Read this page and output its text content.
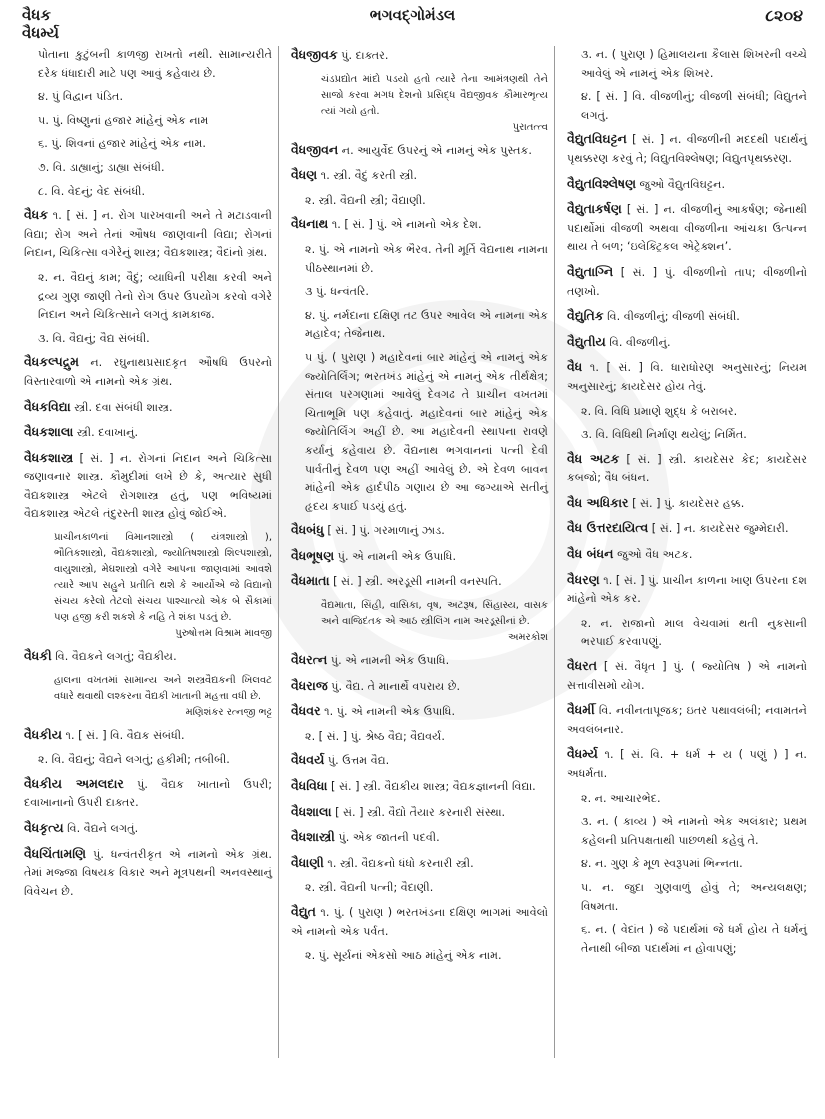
વૈધક
વૈધર્મ્ય
ભગવદ્ગોમંડલ	૮૨૦૪
પોતાના કુટુંબની કાળજી રાખતો નથી. સામાન્યરીતે દરેક ધંધાદારી માટે પણ આવું કહેવાય છે.
૪. પું વિદ્વાન પંડિત.
૫. પું. વિષ્ણુનાં હજાર માંહેનું એક નામ
૬. પું. શિવનાં હજાર માંહેનું એક નામ.
૭. વિ. ડાહ્યાનું; ડાહ્યા સંબંધી.
૮. વિ. વેદનું; વેદ સંબંધી.
વૈધક ૧. [ સં. ] ન. રોગ પારખવાની અને તે મટાડવાની વિદ્યા; રોગ અને તેનાં ઔષધ જાણવાની વિદ્યા; રોગનાં નિદાન, ચિકિત્સા વગેરેનું શાસ્ત્ર; વૈદ્યકશાસ્ત્ર; વૈદાંનો ગ્રંથ.
૨. ન. વૈદ્યનું કામ; વૈદું; વ્યાધિની પરીક્ષા કરવી અને દ્રવ્ય ગુણ જાણી તેનો રોગ ઉપર ઉપયોગ કરવો વગેરે નિદાન અને ચિકિત્સાને લગતું કામકાજ.
૩. વિ. વૈદ્યનું; વૈદ્ય સંબંધી.
વૈધકલ્પદ્રુમ ન. રઘુનાથપ્રસાદકૃત ઔષધિ ઉપરનો વિસ્તારવાળો એ નામનો એક ગ્રંથ.
વૈધકવિદ્યા સ્ત્રી. દવા સંબંધી શાસ્ત્ર.
વૈધકશાલા સ્ત્રી. દવાખાનું.
વૈધકશાસ્ત્ર [ સં. ] ન. રોગનાં નિદાન અને ચિકિત્સા જણાવનાર શાસ્ત્ર. કૌમુદીમાં લખે છે કે, અત્યાર સુધી વૈદ્યકશાસ્ત્ર એટલે રોગશાસ્ત્ર હતું, પણ ભવિષ્યમાં વૈદ્યકશાસ્ત્ર એટલે તંદુરસ્તી શાસ્ત્ર હોવું જોઈએ.
પ્રાચીનકાળનાં વિમાનશાસ્ત્રો ( યંત્રશાસ્ત્રો ), ભૌતિકશાસ્ત્રો, વૈદ્યકશાસ્ત્રો, જ્યોતિષશાસ્ત્રો શિલ્પશાસ્ત્રો, વાયુશાસ્ત્રો, મેઘશાસ્ત્રો વગેરે આપના જાણવામાં આવશે ત્યારે આપ સહુને પ્રતીતિ થશે કે આર્યોએ જે વિદ્યાનો સંચય કરેલો તેટલો સંચય પાશ્ચાત્યો એક બે સૈકામાં પણ હજી કરી શકશે કે નહિ તે શંકા પડતું છે.
પુરુષોત્તમ વિશ્રામ માવજી
વૈધકી વિ. વૈદ્યકને લગતું; વૈદ્યકીય.
હાલના વખતમાં સામાન્ય અને શસ્ત્રવૈદ્યકની ખિલવટ વધારે થવાથી લશ્કરના વૈદ્યકી ખાતાની મહત્તા વધી છે.
મણિશંકર રત્નજી ભટ્ટ
વૈધકીય ૧. [ સં. ] વિ. વૈદ્યક સંબંધી.
૨. વિ. વૈદ્યનું; વૈદ્યને લગતું; હકીમી; તબીબી.
વૈધકીય અમલદાર પું. વૈદ્યક ખાતાનો ઉપરી; દવાખાનાનો ઉપરી દાક્તર.
વૈધકૃત્ય વિ. વૈદ્યને લગતું.
વૈધચિંતામણિ પું. ધન્વંતરીકૃત એ નામનો એક ગ્રંથ. તેમાં મજ્જા વિષયક વિકાર અને મૂત્રપથની અનવસ્થાનું વિવેચન છે.
વૈધજીવક પું. દાક્તર.
ચંડપ્રદ્યોત માંદો પડયો હતો ત્યારે તેના આમંત્રણથી તેને સાજો કરવા મગધ દેશનો પ્રસિદ્ધ વૈદ્યજીવક કૌમારભૃત્ય ત્યાં ગયો હતો.
પુરાતત્ત્વ
વૈધજીવન ન. આયુર્વેદ ઉપરનું એ નામનું એક પુસ્તક.
વૈધણ ૧. સ્ત્રી. વૈદું કરતી સ્ત્રી.
૨. સ્ત્રી. વૈદ્યની સ્ત્રી; વૈદ્યાણી.
વૈધનાથ ૧. [ સં. ] પું. એ નામનો એક દેશ.
૨. પું. એ નામનો એક ભૈરવ. તેની મૂર્તિ વૈદ્યનાથ નામના પીઠસ્થાનમાં છે.
૩ પું. ધન્વંતરિ.
૪. પું. નર્મદાના દક્ષિણ તટ ઉપર આવેલ એ નામના એક મહાદેવ; તેજેનાથ.
૫ પું. ( પુરાણ ) મહાદેવનાં બાર માંહેનું એ નામનું એક જ્યોતિર્લિંગ; ભરતખંડ માંહેનું એ નામનું એક તીર્થક્ષેત્ર; સંતાલ પરગણામાં આવેલું દેવગઢ તે પ્રાચીન વખતમાં ચિતાભૂમિ પણ કહેવાતું. મહાદેવનાં બાર માંહેનું એક જ્યોતિર્લિંગ અહીં છે. આ મહાદેવની સ્થાપના રાવણે કર્યાનું કહેવાય છે. વૈદ્યનાથ ભગવાનનાં પત્ની દેવી પાર્વતીનું દેવળ પણ અહીં આવેલું છે. એ દેવળ બાવન માંહેની એક હાર્દપીઠ ગણાય છે આ જગ્યાએ સતીનું હૃદય કપાઈ પડયું હતું.
વૈધબંધુ [ સં. ] પું. ગરમાળાનું ઝાડ.
વૈધભૂષણ પું. એ નામની એક ઉપાધિ.
વૈધમાતા [ સં. ] સ્ત્રી. અરડૂસી નામની વનસ્પતિ.
વૈદ્યમાતા, સિંહી, વાસિકા, વૃષ, અટરૂષ, સિંહાસ્ય, વાસક અને વાજિદંતક એ આઠ સ્ત્રીલિંગ નામ અરડૂસીનાં છે.
અમરકોશ
વૈધરત્ન પું. એ નામની એક ઉપાધિ.
વૈધરાજ પું. વૈદ્ય. તે માનાર્થે વપરાય છે.
વૈધવર ૧. પું. એ નામની એક ઉપાધિ.
૨. [ સં. ] પું. શ્રેષ્ઠ વૈદ્ય; વૈદ્યવર્ય.
વૈધવર્ય પું. ઉત્તમ વૈદ્ય.
વૈધવિધા [ સં. ] સ્ત્રી. વૈદ્યકીય શાસ્ત્ર; વૈદ્યકજ્ઞાનની વિદ્યા.
વૈધશાલા [ સં. ] સ્ત્રી. વૈદ્યો તૈયાર કરનારી સંસ્થા.
વૈધશાસ્ત્રી પું. એક જાતની પદવી.
વૈધાણી ૧. સ્ત્રી. વૈદ્યકનો ધંધો કરનારી સ્ત્રી.
૨. સ્ત્રી. વૈદ્યની પત્ની; વૈદાણી.
વૈદ્યુત ૧. પું. ( પુરાણ ) ભરતખંડના દક્ષિણ ભાગમાં આવેલો એ નામનો એક પર્વત.
૨. પું. સૂર્યનાં એકસો આઠ માંહેનું એક નામ.
૩. ન. ( પુરાણ ) હિમાલયના કૈલાસ શિખરની વચ્ચે આવેલું એ નામનું એક શિખર.
૪. [ સં. ] વિ. વીજળીનું; વીજળી સંબંધી; વિદ્યુતને લગતું.
વૈદ્યુતવિઘટ્ટન [ સં. ] ન. વીજળીની મદદથી પદાર્થનું પૃથક્કરણ કરવું તે; વિદ્યુતવિશ્લેષણ; વિદ્યુતપૃથક્કરણ.
વૈદ્યુતવિશ્લેષણ જુઓ વૈદ્યુતવિઘટ્ટન.
વૈદ્યુતાકર્ષણ [ સં. ] ન. વીજળીનું આકર્ષણ; જેનાથી પદાર્થોમાં વીજળી અથવા વીજળીના આંચકા ઉત્પન્ન થાય તે બળ; ‘ઇલેક્ટ્રિકલ એટ્રેક્શન’.
વૈદ્યુતાગ્નિ [ સં. ] પું. વીજળીનો તાપ; વીજળીનો તણખો.
વૈદ્યુતિક વિ. વીજળીનું; વીજળી સંબંધી.
વૈદ્યુતીય વિ. વીજળીનું.
વૈધ ૧. [ સં. ] વિ. ધારાધોરણ અનુસારનું; નિયમ અનુસારનું; કાયદેસર હોય તેવું.
૨. વિ. વિધિ પ્રમાણે શુદ્ધ કે બરાબર.
૩. વિ. વિધિથી નિર્માણ થયેલું; નિર્મિત.
વૈધ અટક [ સં. ] સ્ત્રી. કાયદેસર કેદ; કાયદેસર કબજો; વૈધ બંધન.
વૈધ અધિકાર [ સં. ] પું. કાયદેસર હક્ક.
વૈધ ઉત્તરદાયિત્વ [ સં. ] ન. કાયદેસર જુમ્મેદારી.
વૈધ બંધન જુઓ વૈધ અટક.
વૈધરણ ૧. [ સં. ] પું. પ્રાચીન કાળના ખાણ ઉપરના દશ માંહેનો એક કર.
૨. ન. રાજાનો માલ વેચવામાં થતી નુકસાની ભરપાઈ કરવાપણું.
વૈધરત [ સં. વૈધૃત ] પું. ( જ્યોતિષ ) એ નામનો સત્તાવીસમો યોગ.
વૈધર્મી વિ. નવીનતાપૂજક; ઇતર પથાવલંબી; નવામતને અવલંબનાર.
વૈધર્મ્ય ૧. [ સં. વિ. + ધર્મ + ય ( પણું ) ] ન. અધર્મતા.
૨. ન. આચારભેદ.
૩. ન. ( કાવ્ય ) એ નામનો એક અલંકાર; પ્રથમ કહેલની પ્રતિપક્ષતાથી પાછળથી કહેવું તે.
૪. ન. ગુણ કે મૂળ સ્વરૂપમાં ભિન્નતા.
૫. ન. જુદા ગુણવાળું હોવું તે; અન્યલક્ષણ; વિષમતા.
૬. ન. ( વેદાંત ) જે પદાર્થમાં જે ધર્મ હોય તે ધર્મનું તેનાથી બીજા પદાર્થમાં ન હોવાપણું;
